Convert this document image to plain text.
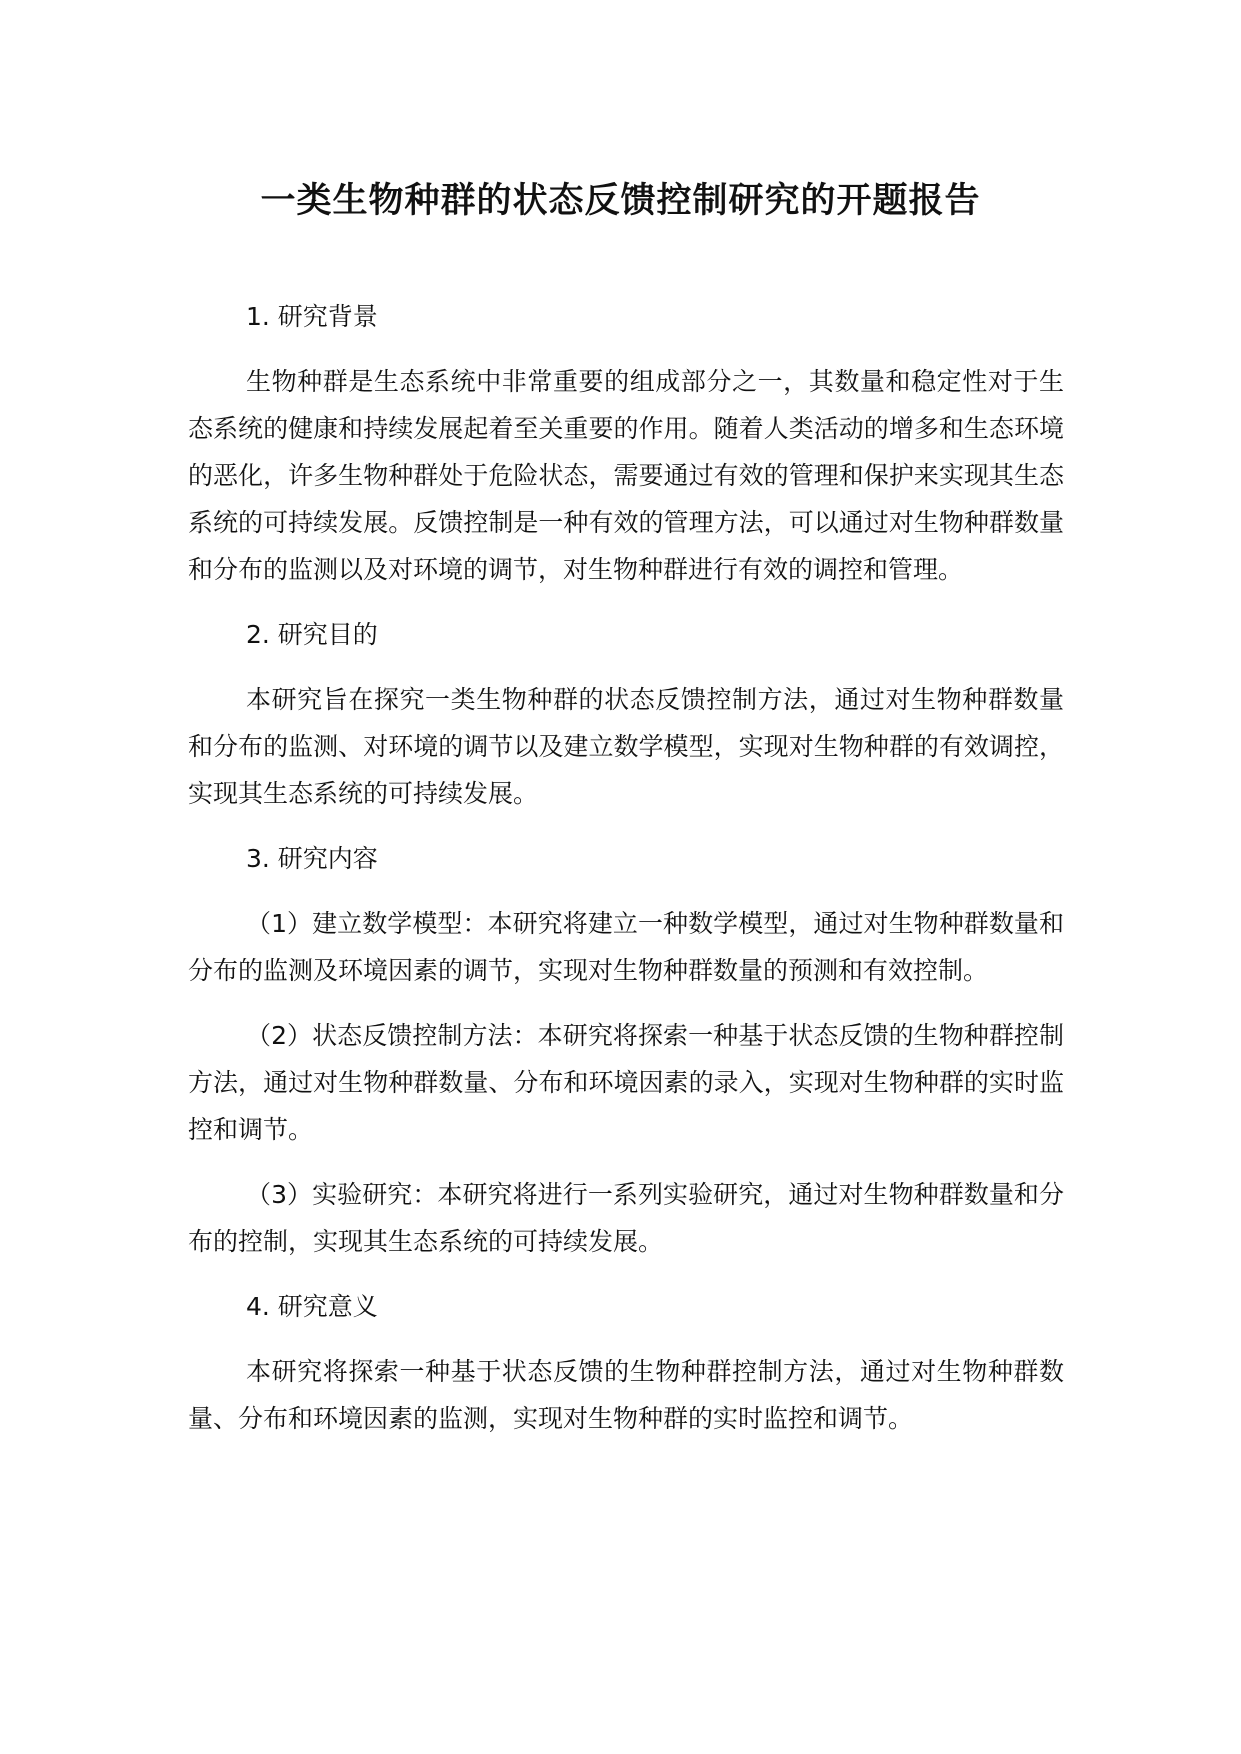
一类生物种群的状态反馈控制研究的开题报告
1. 研究背景

生物种群是生态系统中非常重要的组成部分之一，其数量和稳定性对于生态系统的健康和持续发展起着至关重要的作用。随着人类活动的增多和生态环境的恶化，许多生物种群处于危险状态，需要通过有效的管理和保护来实现其生态系统的可持续发展。反馈控制是一种有效的管理方法，可以通过对生物种群数量和分布的监测以及对环境的调节，对生物种群进行有效的调控和管理。

2. 研究目的

本研究旨在探究一类生物种群的状态反馈控制方法，通过对生物种群数量和分布的监测、对环境的调节以及建立数学模型，实现对生物种群的有效调控，实现其生态系统的可持续发展。

3. 研究内容

（1）建立数学模型：本研究将建立一种数学模型，通过对生物种群数量和分布的监测及环境因素的调节，实现对生物种群数量的预测和有效控制。

（2）状态反馈控制方法：本研究将探索一种基于状态反馈的生物种群控制方法，通过对生物种群数量、分布和环境因素的录入，实现对生物种群的实时监控和调节。

（3）实验研究：本研究将进行一系列实验研究，通过对生物种群数量和分布的控制，实现其生态系统的可持续发展。

4. 研究意义

本研究将探索一种基于状态反馈的生物种群控制方法，通过对生物种群数量、分布和环境因素的监测，实现对生物种群的实时监控和调节。
